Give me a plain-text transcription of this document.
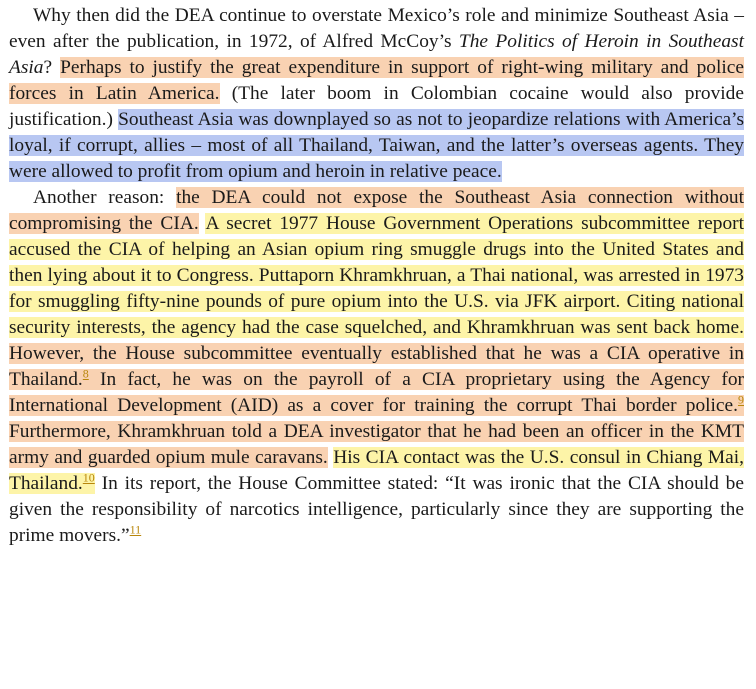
Why then did the DEA continue to overstate Mexico’s role and minimize Southeast Asia – even after the publication, in 1972, of Alfred McCoy’s The Politics of Heroin in Southeast Asia? Perhaps to justify the great expenditure in support of right-wing military and police forces in Latin America. (The later boom in Colombian cocaine would also provide justification.) Southeast Asia was downplayed so as not to jeopardize relations with America’s loyal, if corrupt, allies – most of all Thailand, Taiwan, and the latter’s overseas agents. They were allowed to profit from opium and heroin in relative peace.

Another reason: the DEA could not expose the Southeast Asia connection without compromising the CIA. A secret 1977 House Government Operations subcommittee report accused the CIA of helping an Asian opium ring smuggle drugs into the United States and then lying about it to Congress. Puttaporn Khramkhruan, a Thai national, was arrested in 1973 for smuggling fifty-nine pounds of pure opium into the U.S. via JFK airport. Citing national security interests, the agency had the case squelched, and Khramkhruan was sent back home. However, the House subcommittee eventually established that he was a CIA operative in Thailand.$^8$ In fact, he was on the payroll of a CIA proprietary using the Agency for International Development (AID) as a cover for training the corrupt Thai border police.$^9$ Furthermore, Khramkhruan told a DEA investigator that he had been an officer in the KMT army and guarded opium mule caravans. His CIA contact was the U.S. consul in Chiang Mai, Thailand.$^{10}$ In its report, the House Committee stated: “It was ironic that the CIA should be given the responsibility of narcotics intelligence, particularly since they are supporting the prime movers.”$^{11}$
